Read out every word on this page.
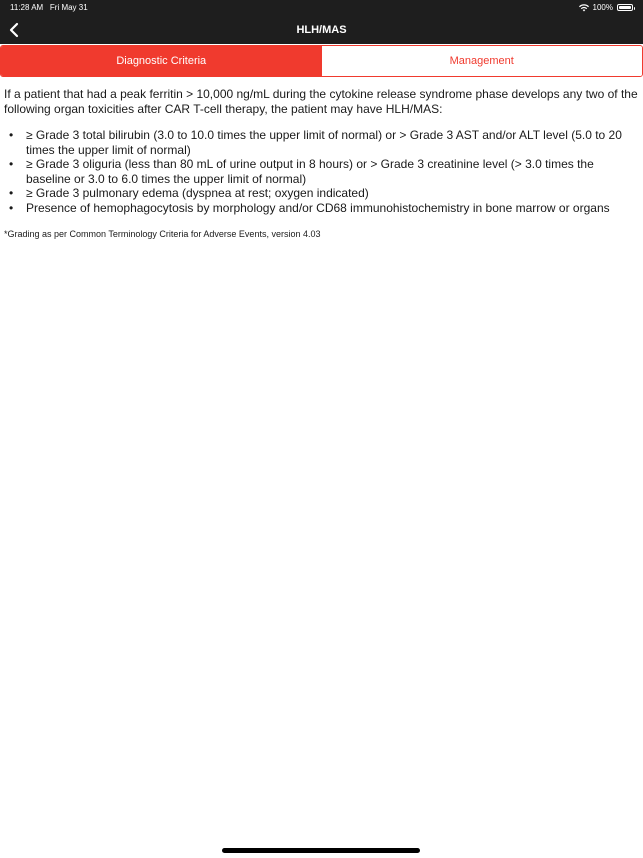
11:28 AM Fri May 31	100%
HLH/MAS
Diagnostic Criteria	Management

If a patient that had a peak ferritin > 10,000 ng/mL during the cytokine release syndrome phase develops any two of the following organ toxicities after CAR T-cell therapy, the patient may have HLH/MAS:

• ≥ Grade 3 total bilirubin (3.0 to 10.0 times the upper limit of normal) or > Grade 3 AST and/or ALT level (5.0 to 20 times the upper limit of normal)
• ≥ Grade 3 oliguria (less than 80 mL of urine output in 8 hours) or > Grade 3 creatinine level (> 3.0 times the baseline or 3.0 to 6.0 times the upper limit of normal)
• ≥ Grade 3 pulmonary edema (dyspnea at rest; oxygen indicated)
• Presence of hemophagocytosis by morphology and/or CD68 immunohistochemistry in bone marrow or organs

*Grading as per Common Terminology Criteria for Adverse Events, version 4.03
